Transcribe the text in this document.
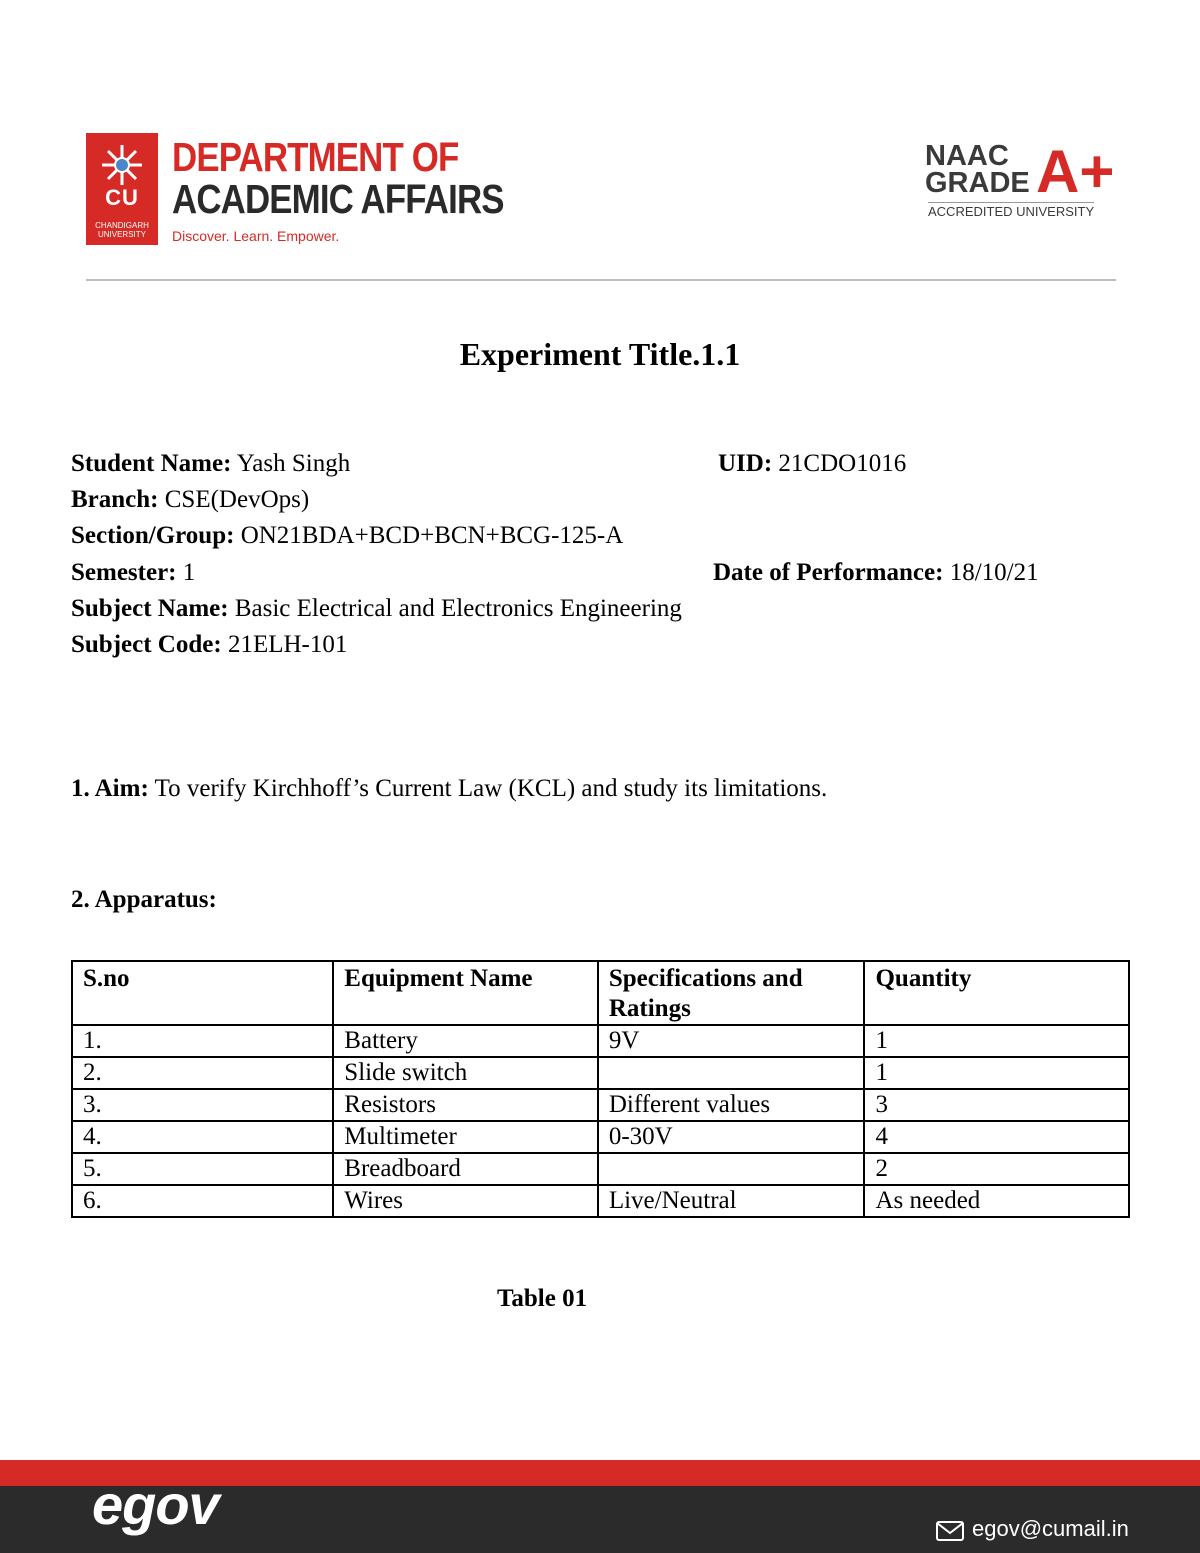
CU
CHANDIGARH UNIVERSITY
DEPARTMENT OF
ACADEMIC AFFAIRS
Discover. Learn. Empower.
NAAC
GRADE A+
ACCREDITED UNIVERSITY
Experiment Title.1.1
Student Name: Yash Singh	UID: 21CDO1016
Branch: CSE(DevOps)
Section/Group: ON21BDA+BCD+BCN+BCG-125-A
Semester: 1	Date of Performance: 18/10/21
Subject Name: Basic Electrical and Electronics Engineering
Subject Code: 21ELH-101
1. Aim: To verify Kirchhoff’s Current Law (KCL) and study its limitations.
2. Apparatus:
S.no	Equipment Name	Specifications and Ratings	Quantity
1.	Battery	9V	1
2.	Slide switch		1
3.	Resistors	Different values	3
4.	Multimeter	0-30V	4
5.	Breadboard		2
6.	Wires	Live/Neutral	As needed
Table 01
egov	egov@cumail.in
